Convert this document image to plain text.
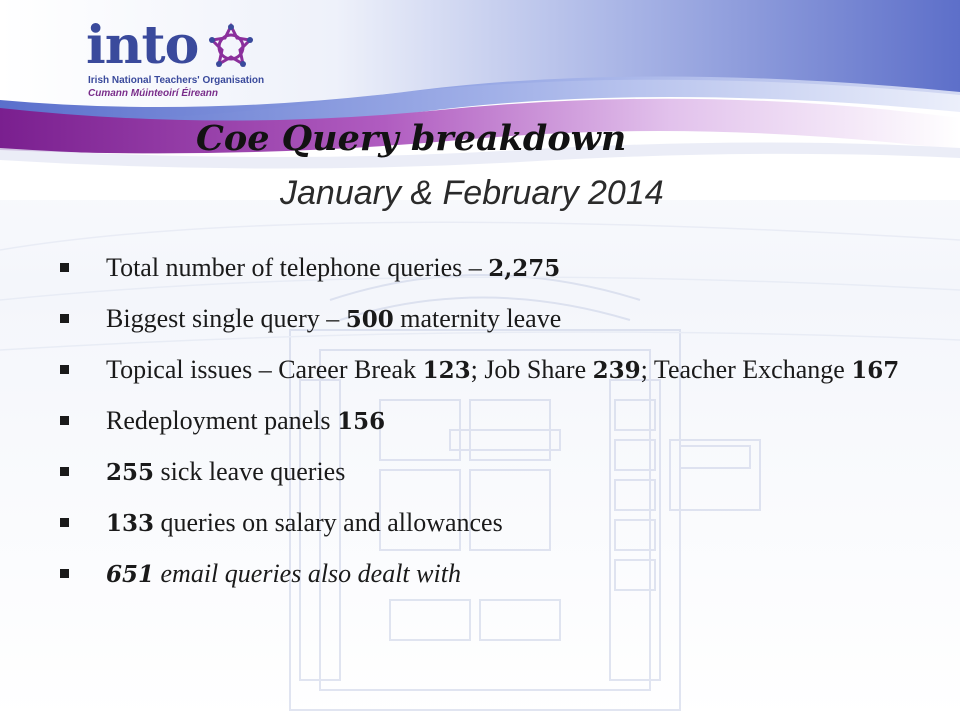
into
Irish National Teachers' Organisation
Cumann Múinteoirí Éireann
Coe Query breakdown
January & February 2014
Total number of telephone queries – 2,275
Biggest single query – 500 maternity leave
Topical issues – Career Break 123; Job Share 239; Teacher Exchange 167
Redeployment panels 156
255 sick leave queries
133 queries on salary and allowances
651 email queries also dealt with
